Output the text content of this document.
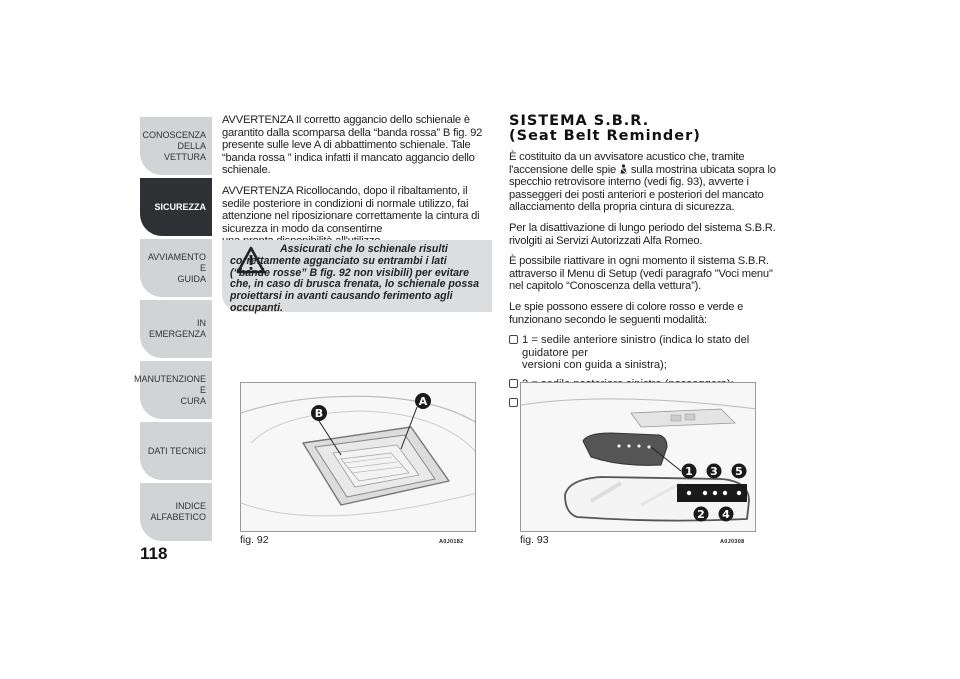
CONOSCENZA
DELLA VETTURA
SICUREZZA
AVVIAMENTO E
GUIDA
IN EMERGENZA
MANUTENZIONE E
CURA
DATI TECNICI
INDICE ALFABETICO
118

AVVERTENZA Il corretto aggancio dello schienale è garantito dalla scomparsa della “banda rossa” B fig. 92 presente sulle leve A di abbattimento schienale. Tale “banda rossa ” indica infatti il mancato aggancio dello schienale.

AVVERTENZA Ricollocando, dopo il ribaltamento, il sedile posteriore in condizioni di normale utilizzo, fai attenzione nel riposizionare correttamente la cintura di sicurezza in modo da consentirne

Assicurati che lo schienale risulti correttamente agganciato su entrambi i lati (“bande rosse” B fig. 92 non visibili) per evitare che, in caso di brusca frenata, lo schienale possa proiettarsi in avanti causando ferimento agli occupanti.
SISTEMA S.B.R.
(Seat Belt Reminder)

È costituito da un avvisatore acustico che, tramite l'accensione delle spie sulla mostrina ubicata sopra lo specchio retrovisore interno (vedi fig. 93), avverte i passeggeri dei posti anteriori e posteriori del mancato allacciamento della propria cintura di sicurezza.

Per la disattivazione di lungo periodo del sistema S.B.R. rivolgiti ai Servizi Autorizzati Alfa Romeo.

È possibile riattivare in ogni momento il sistema S.B.R. attraverso il Menu di Setup (vedi paragrafo "Voci menu" nel capitolo “Conoscenza della vettura”).

Le spie possono essere di colore rosso e verde e funzionano secondo le seguenti modalità:

1 = sedile anteriore sinistro (indica lo stato del guidatore per
versioni con guida a sinistra);
B
A
fig. 92	A0J0182
1 3 5
2 4
fig. 93	A0J0308
